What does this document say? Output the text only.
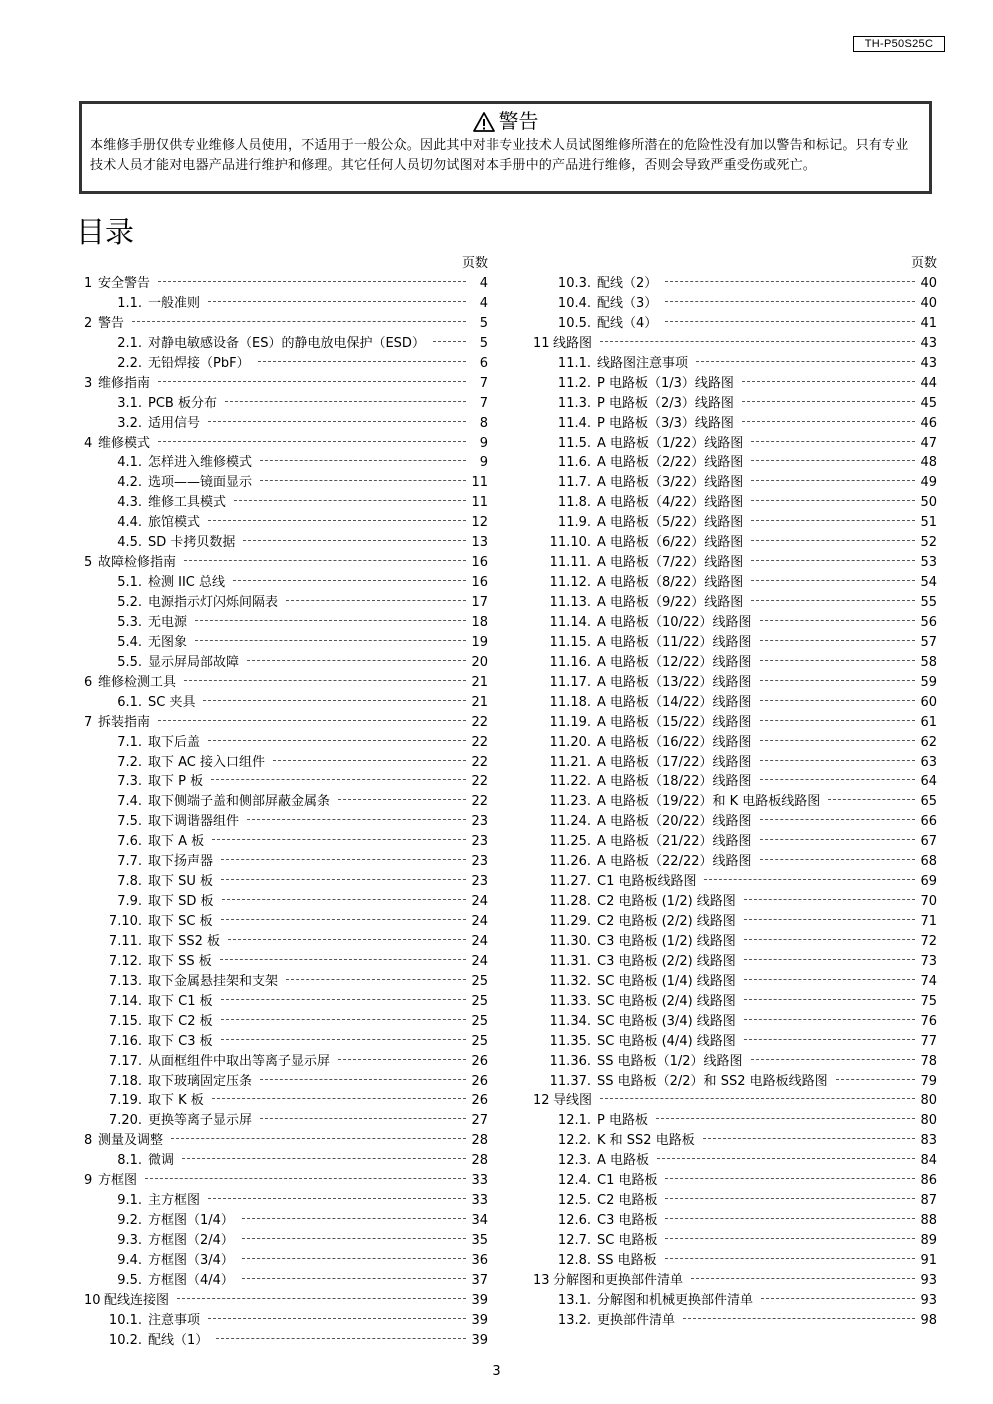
TH-P50S25C
警告
本维修手册仅供专业维修人员使用，不适用于一般公众。因此其中对非专业技术人员试图维修所潜在的危险性没有加以警告和标记。只有专业技术人员才能对电器产品进行维护和修理。其它任何人员切勿试图对本手册中的产品进行维修，否则会导致严重受伤或死亡。
目录
页数
1 安全警告	4
1.1. 一般准则	4
2 警告	5
2.1. 对静电敏感设备（ES）的静电放电保护（ESD）	5
2.2. 无铅焊接（PbF）	6
3 维修指南	7
3.1. PCB 板分布	7
3.2. 适用信号	8
4 维修模式	9
4.1. 怎样进入维修模式	9
4.2. 选项——镜面显示	11
4.3. 维修工具模式	11
4.4. 旅馆模式	12
4.5. SD 卡拷贝数据	13
5 故障检修指南	16
5.1. 检测 IIC 总线	16
5.2. 电源指示灯闪烁间隔表	17
5.3. 无电源	18
5.4. 无图象	19
5.5. 显示屏局部故障	20
6 维修检测工具	21
6.1. SC 夹具	21
7 拆装指南	22
7.1. 取下后盖	22
7.2. 取下 AC 接入口组件	22
7.3. 取下 P 板	22
7.4. 取下侧端子盖和侧部屏蔽金属条	22
7.5. 取下调谐器组件	23
7.6. 取下 A 板	23
7.7. 取下扬声器	23
7.8. 取下 SU 板	23
7.9. 取下 SD 板	24
7.10. 取下 SC 板	24
7.11. 取下 SS2 板	24
7.12. 取下 SS 板	24
7.13. 取下金属悬挂架和支架	25
7.14. 取下 C1 板	25
7.15. 取下 C2 板	25
7.16. 取下 C3 板	25
7.17. 从面框组件中取出等离子显示屏	26
7.18. 取下玻璃固定压条	26
7.19. 取下 K 板	26
7.20. 更换等离子显示屏	27
8 测量及调整	28
8.1. 微调	28
9 方框图	33
9.1. 主方框图	33
9.2. 方框图（1/4）	34
9.3. 方框图（2/4）	35
9.4. 方框图（3/4）	36
9.5. 方框图（4/4）	37
10 配线连接图	39
10.1. 注意事项	39
10.2. 配线（1）	39
页数
10.3. 配线（2）	40
10.4. 配线（3）	40
10.5. 配线（4）	41
11 线路图	43
11.1. 线路图注意事项	43
11.2. P 电路板（1/3）线路图	44
11.3. P 电路板（2/3）线路图	45
11.4. P 电路板（3/3）线路图	46
11.5. A 电路板（1/22）线路图	47
11.6. A 电路板（2/22）线路图	48
11.7. A 电路板（3/22）线路图	49
11.8. A 电路板（4/22）线路图	50
11.9. A 电路板（5/22）线路图	51
11.10. A 电路板（6/22）线路图	52
11.11. A 电路板（7/22）线路图	53
11.12. A 电路板（8/22）线路图	54
11.13. A 电路板（9/22）线路图	55
11.14. A 电路板（10/22）线路图	56
11.15. A 电路板（11/22）线路图	57
11.16. A 电路板（12/22）线路图	58
11.17. A 电路板（13/22）线路图	59
11.18. A 电路板（14/22）线路图	60
11.19. A 电路板（15/22）线路图	61
11.20. A 电路板（16/22）线路图	62
11.21. A 电路板（17/22）线路图	63
11.22. A 电路板（18/22）线路图	64
11.23. A 电路板（19/22）和 K 电路板线路图	65
11.24. A 电路板（20/22）线路图	66
11.25. A 电路板（21/22）线路图	67
11.26. A 电路板（22/22）线路图	68
11.27. C1 电路板线路图	69
11.28. C2 电路板 (1/2) 线路图	70
11.29. C2 电路板 (2/2) 线路图	71
11.30. C3 电路板 (1/2) 线路图	72
11.31. C3 电路板 (2/2) 线路图	73
11.32. SC 电路板 (1/4) 线路图	74
11.33. SC 电路板 (2/4) 线路图	75
11.34. SC 电路板 (3/4) 线路图	76
11.35. SC 电路板 (4/4) 线路图	77
11.36. SS 电路板（1/2）线路图	78
11.37. SS 电路板（2/2）和 SS2 电路板线路图	79
12 导线图	80
12.1. P 电路板	80
12.2. K 和 SS2 电路板	83
12.3. A 电路板	84
12.4. C1 电路板	86
12.5. C2 电路板	87
12.6. C3 电路板	88
12.7. SC 电路板	89
12.8. SS 电路板	91
13 分解图和更换部件清单	93
13.1. 分解图和机械更换部件清单	93
13.2. 更换部件清单	98
3
